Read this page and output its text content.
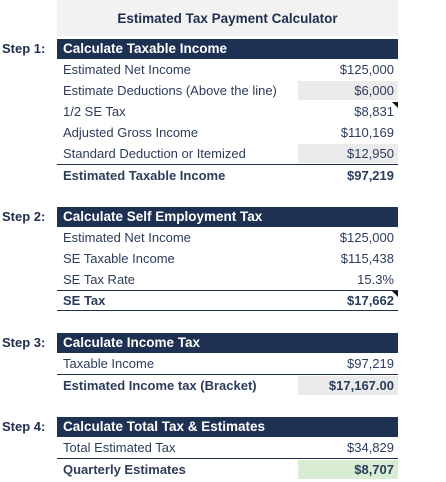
Estimated Tax Payment Calculator
Step 1:	Calculate Taxable Income
Estimated Net Income	$125,000
Estimate Deductions (Above the line)	$6,000
1/2 SE Tax	$8,831
Adjusted Gross Income	$110,169
Standard Deduction or Itemized	$12,950
Estimated Taxable Income	$97,219
Step 2:	Calculate Self Employment Tax
Estimated Net Income	$125,000
SE Taxable Income	$115,438
SE Tax Rate	15.3%
SE Tax	$17,662
Step 3:	Calculate Income Tax
Taxable Income	$97,219
Estimated Income tax (Bracket)	$17,167.00
Step 4:	Calculate Total Tax & Estimates
Total Estimated Tax	$34,829
Quarterly Estimates	$8,707
